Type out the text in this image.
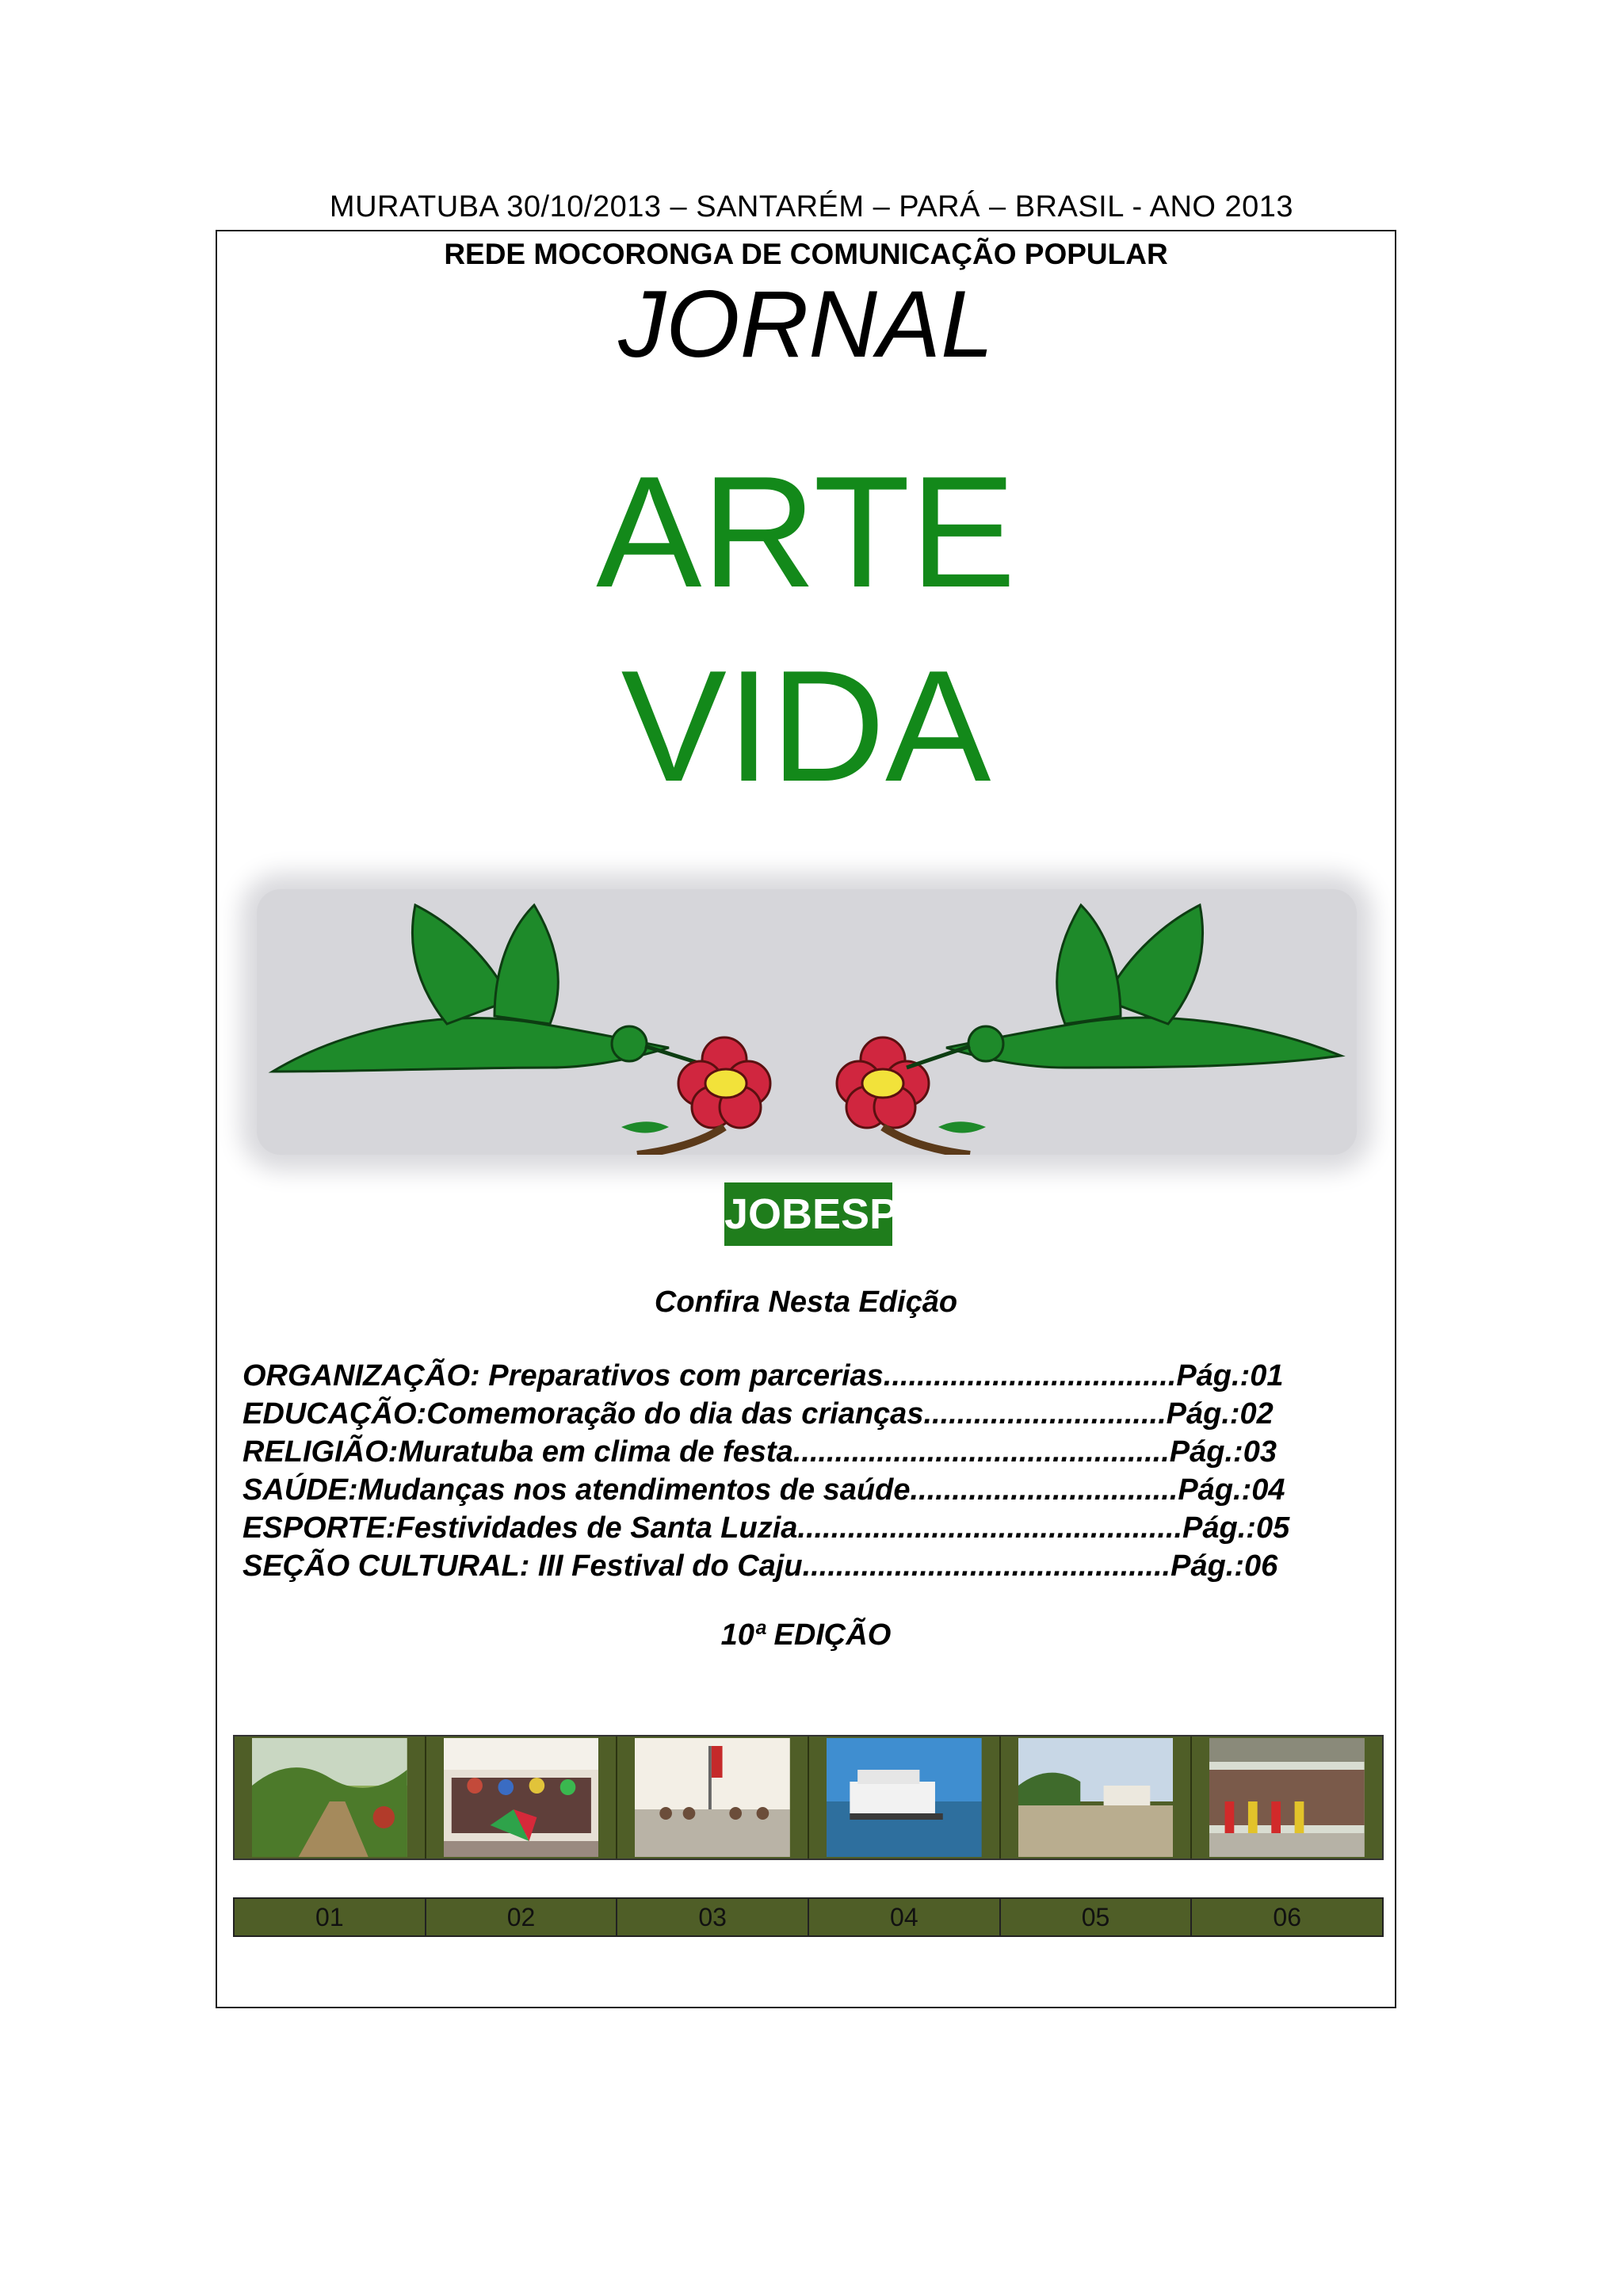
MURATUBA 30/10/2013 – SANTARÉM – PARÁ – BRASIL - ANO 2013
REDE MOCORONGA DE COMUNICAÇÃO POPULAR
JORNAL
ARTE
VIDA
JOBESP
Confira Nesta Edição
ORGANIZAÇÃO: Preparativos com parcerias...................................Pág.:01
EDUCAÇÃO:Comemoração do dia das crianças.............................Pág.:02
RELIGIÃO:Muratuba em clima de festa.............................................Pág.:03
SAÚDE:Mudanças nos atendimentos de saúde................................Pág.:04
ESPORTE:Festividades de Santa Luzia..............................................Pág.:05
SEÇÃO CULTURAL: III Festival do Caju............................................Pág.:06
10ª EDIÇÃO
01	02	03	04	05	06
